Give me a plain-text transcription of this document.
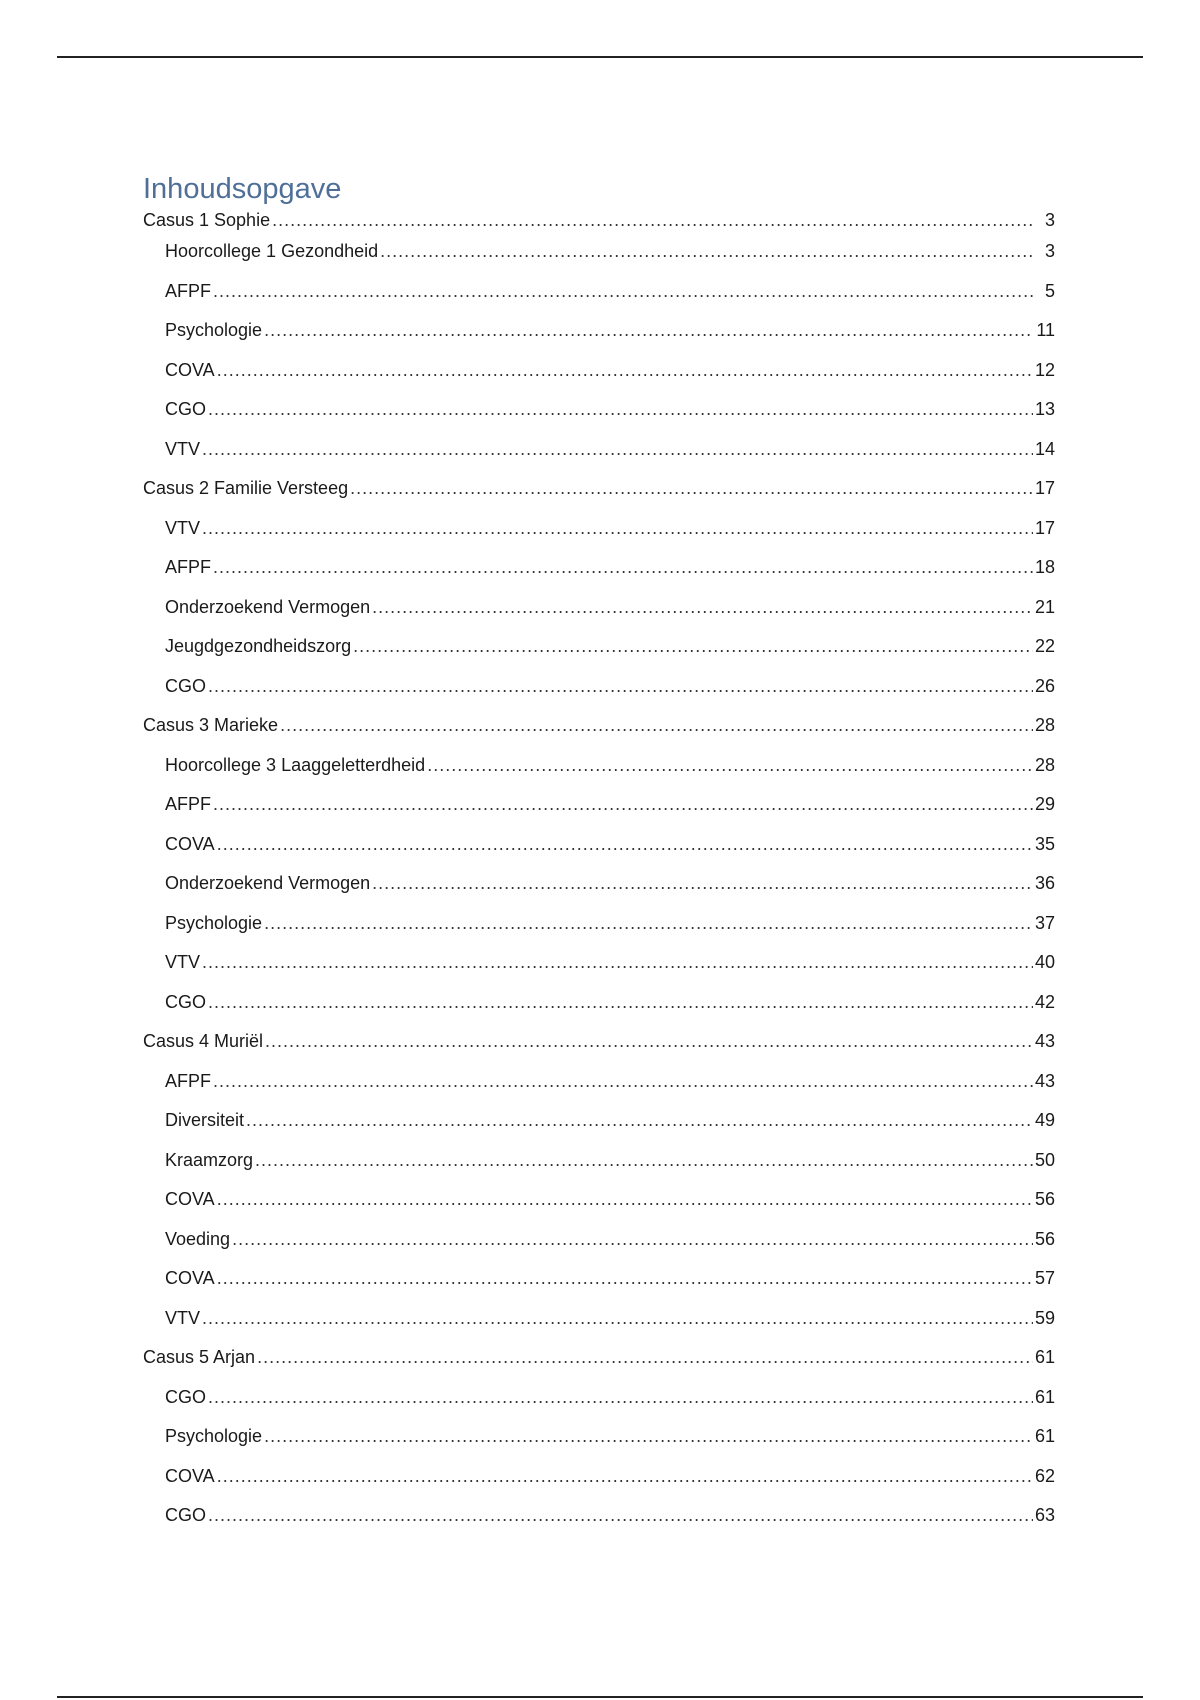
Inhoudsopgave
Casus 1 Sophie .....	3
Hoorcollege 1 Gezondheid .....	3
AFPF .....	5
Psychologie .....	11
COVA .....	12
CGO .....	13
VTV .....	14
Casus 2 Familie Versteeg .....	17
VTV .....	17
AFPF .....	18
Onderzoekend Vermogen .....	21
Jeugdgezondheidszorg .....	22
CGO .....	26
Casus 3 Marieke .....	28
Hoorcollege 3 Laaggeletterdheid .....	28
AFPF .....	29
COVA .....	35
Onderzoekend Vermogen .....	36
Psychologie .....	37
VTV .....	40
CGO .....	42
Casus 4 Muriël .....	43
AFPF .....	43
Diversiteit .....	49
Kraamzorg .....	50
COVA .....	56
Voeding .....	56
COVA .....	57
VTV .....	59
Casus 5 Arjan .....	61
CGO .....	61
Psychologie .....	61
COVA .....	62
CGO .....	63
